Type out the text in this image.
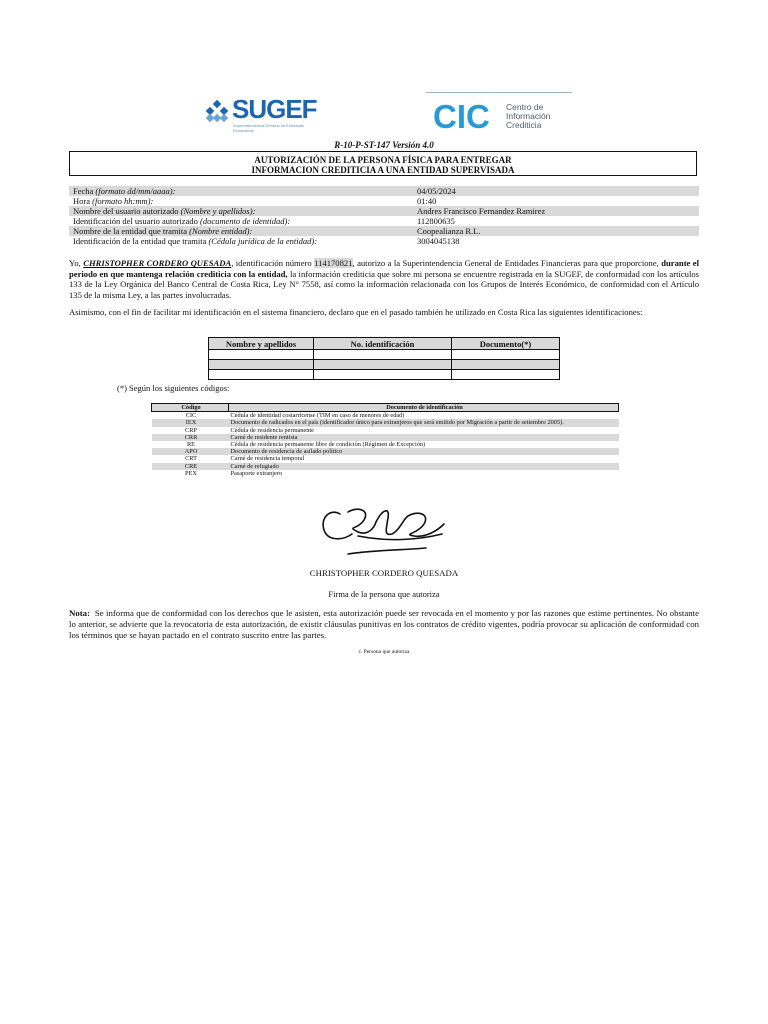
SUGEF
Superintendencia General de Entidades Financieras	CIC Centro de Información Crediticia
R-10-P-ST-147 Versión 4.0
AUTORIZACIÓN DE LA PERSONA FÍSICA PARA ENTREGAR
INFORMACION CREDITICIA A UNA ENTIDAD SUPERVISADA
Fecha (formato dd/mm/aaaa):	04/05/2024
Hora (formato hh:mm):	01:40
Nombre del usuario autorizado (Nombre y apellidos):	Andres Francisco Fernandez Ramirez
Identificación del usuario autorizado (documento de identidad):	112800635
Nombre de la entidad que tramita (Nombre entidad):	Coopealianza R.L.
Identificación de la entidad que tramita (Cédula jurídica de la entidad):	3004045138
Yo, CHRISTOPHER CORDERO QUESADA, identificación número 114170821, autorizo a la Superintendencia General de Entidades Financieras para que proporcione, durante el periodo en que mantenga relación crediticia con la entidad, la información crediticia que sobre mi persona se encuentre registrada en la SUGEF, de conformidad con los artículos 133 de la Ley Orgánica del Banco Central de Costa Rica, Ley N° 7558, así como la información relacionada con los Grupos de Interés Económico, de conformidad con el Artículo 135 de la misma Ley, a las partes involucradas.
Asimismo, con el fin de facilitar mi identificación en el sistema financiero, declaro que en el pasado también he utilizado en Costa Rica las siguientes identificaciones:
Nombre y apellidos	No. identificación	Documento(*)

(*) Según los siguientes códigos:
Código	Documento de identificación
CIC	Cédula de identidad costarricense (TIM en caso de menores de edad)
IEX	Documento de radicados en el país (identificador único para extranjeros que será emitido por Migración a partir de setiembre 2005).
CRP	Cédula de residencia permanente
CRR	Carné de residente rentista
RE	Cédula de residencia permanente libre de condición (Régimen de Excepción)
APO	Documento de residencia de asilado político
CRT	Carné de residencia temporal
CRE	Carné de refugiado
PEX	Pasaporte extranjero
CHRISTOPHER CORDERO QUESADA
Firma de la persona que autoriza
Nota: Se informa que de conformidad con los derechos que le asisten, esta autorización puede ser revocada en el momento y por las razones que estime pertinentes. No obstante lo anterior, se advierte que la revocatoria de esta autorización, de existir cláusulas punitivas en los contratos de crédito vigentes, podría provocar su aplicación de conformidad con los términos que se hayan pactado en el contrato suscrito entre las partes.
c. Persona que autoriza
